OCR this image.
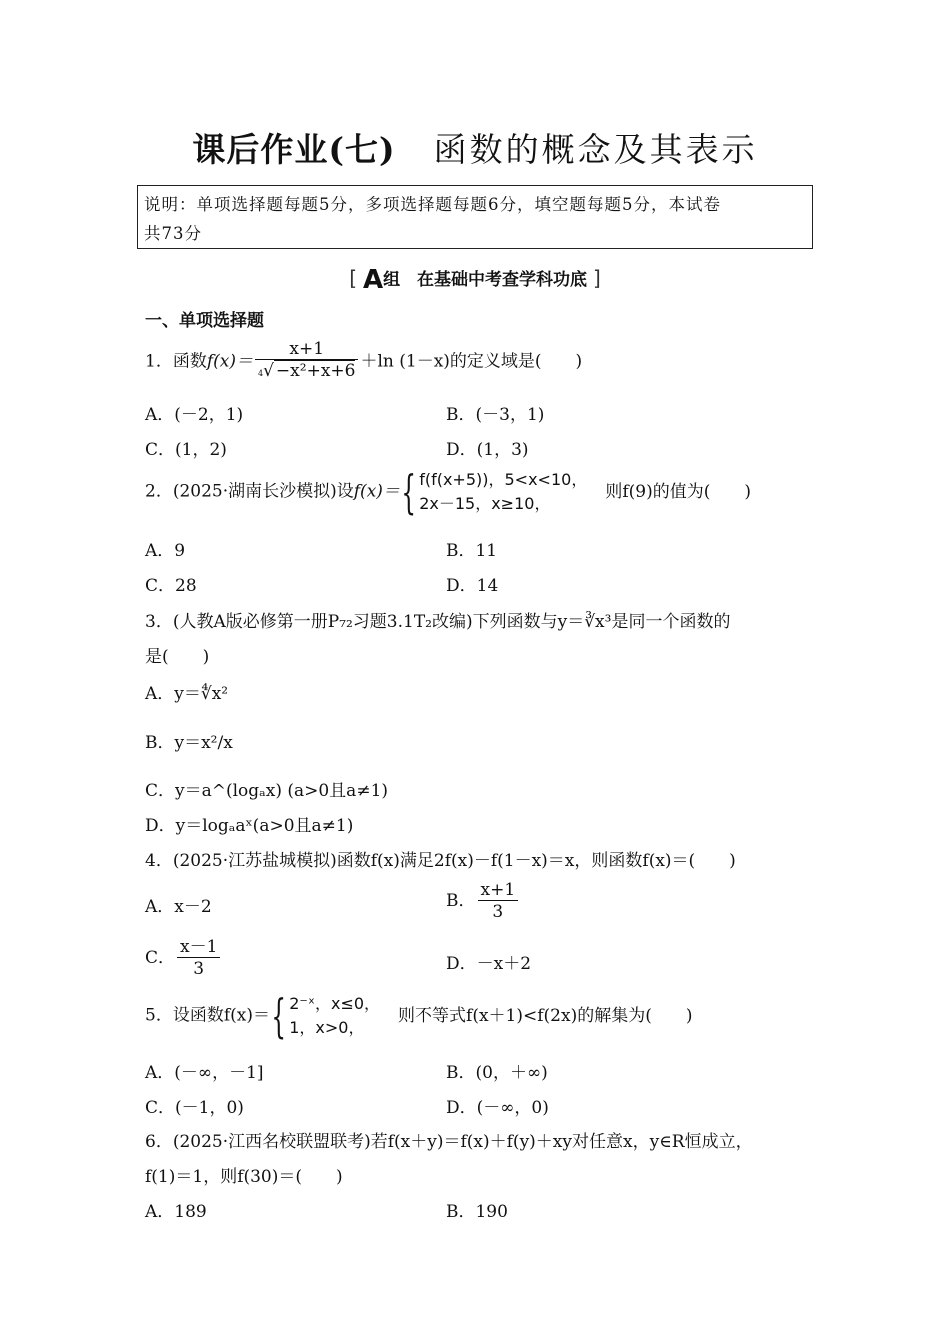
课后作业(七) 函数的概念及其表示
说明：单项选择题每题5分，多项选择题每题6分，填空题每题5分，本试卷
共73分
[ A组　在基础中考查学科功底 ]
一、单项选择题
1．函数$f(x)= \frac{x+1}{\text{4√ −x²+x+6}} +\ln$ (1－x)的定义域是(　　)
A．(－2，1)	B．(－3，1)
C．(1，2)	D．(1，3)
2．(2025·湖南长沙模拟)设f(x)＝{ f(f(x+5))，5<x<10，
2x－15，x≥10，
则f(9)的值为(　　)
A．9	B．11
C．28	D．14
3．(人教A版必修第一册P₇₂习题3.1T₂改编)下列函数与y＝∛x³是同一个函数的
是(　　)
A．y＝∜x²
B．y＝x²/x
C．y＝a^(logₐx) (a>0且a≠1)
D．y＝logₐaˣ(a>0且a≠1)
4．(2025·江苏盐城模拟)函数f(x)满足2f(x)－f(1－x)＝x，则函数f(x)＝(　　)
A．x－2	B． $\frac{x+1}{3}$
C． $\frac{x-1}{3}$	D．－x＋2
5．设函数f(x)＝{ 2⁻ˣ，x≤0，
1，x>0，
则不等式f(x＋1)<f(2x)的解集为(　　)
A．(－∞，－1]	B．(0，＋∞)
C．(－1，0)	D．(－∞，0)
6．(2025·江西名校联盟联考)若f(x＋y)＝f(x)＋f(y)＋xy对任意x，y∈R恒成立，
f(1)＝1，则f(30)＝(　　)
A．189	B．190
